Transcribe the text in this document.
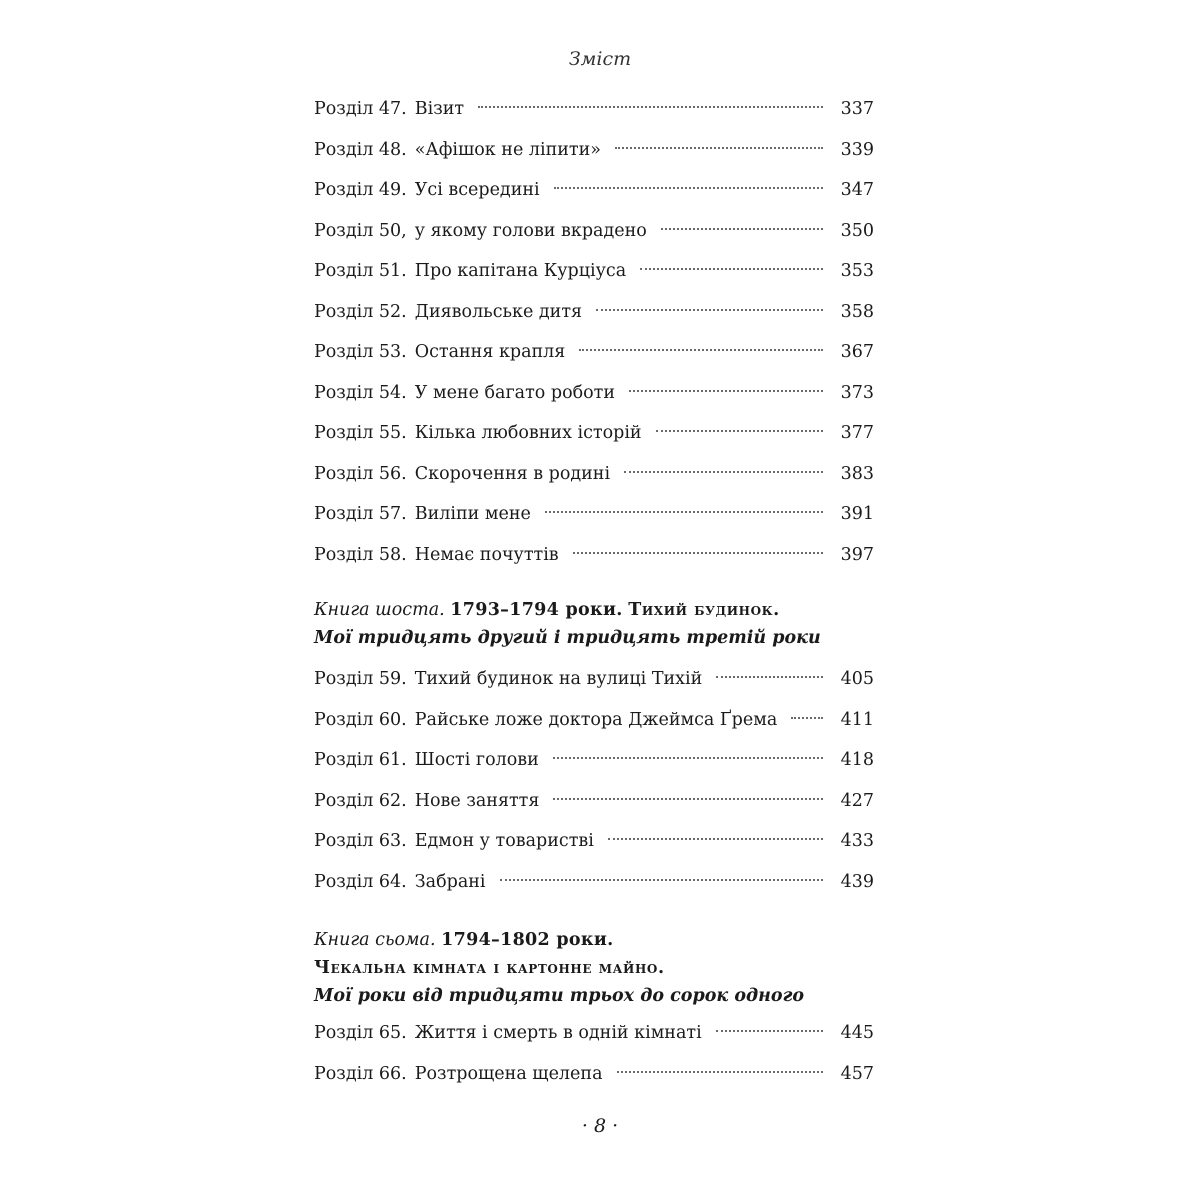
Зміст
Розділ 47. Візит	337
Розділ 48. «Афішок не ліпити»	339
Розділ 49. Усі всередині	347
Розділ 50, у якому голови вкрадено	350
Розділ 51. Про капітана Курціуса	353
Розділ 52. Диявольське дитя	358
Розділ 53. Остання крапля	367
Розділ 54. У мене багато роботи	373
Розділ 55. Кілька любовних історій	377
Розділ 56. Скорочення в родині	383
Розділ 57. Виліпи мене	391
Розділ 58. Немає почуттів	397
Книга шоста. 1793–1794 роки. Тихий будинок.
Мої тридцять другий і тридцять третій роки
Розділ 59. Тихий будинок на вулиці Тихій	405
Розділ 60. Райське ложе доктора Джеймса Ґрема	411
Розділ 61. Шості голови	418
Розділ 62. Нове заняття	427
Розділ 63. Едмон у товаристві	433
Розділ 64. Забрані	439
Книга сьома. 1794–1802 роки.
Чекальна кімната і картонне майно.
Мої роки від тридцяти трьох до сорок одного
Розділ 65. Життя і смерть в одній кімнаті	445
Розділ 66. Розтрощена щелепа	457
· 8 ·
